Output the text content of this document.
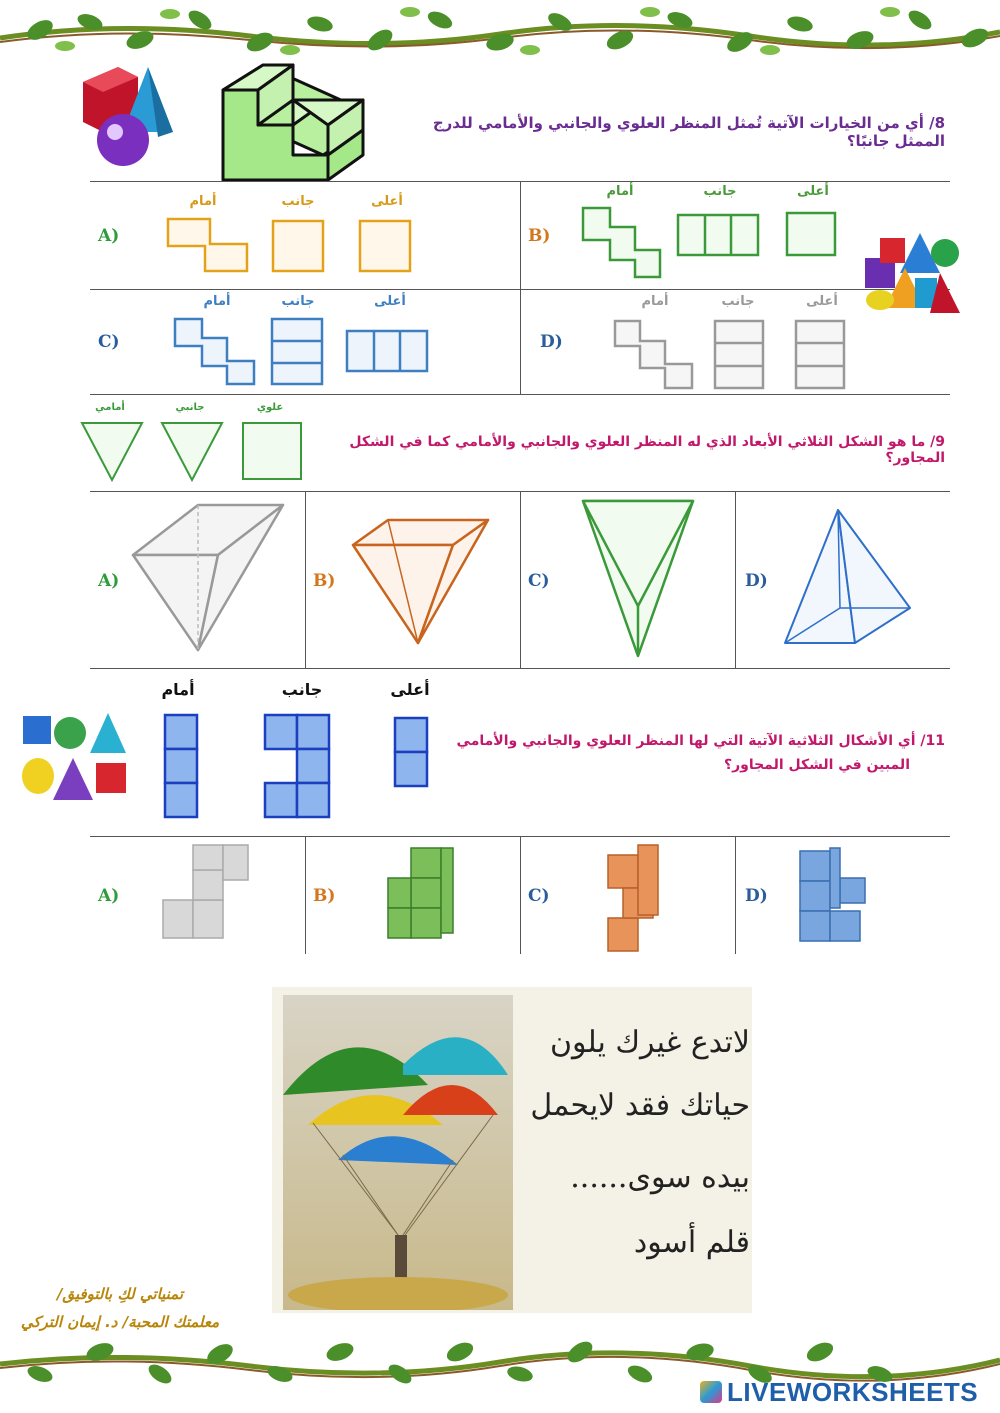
8/ أي من الخيارات الآتية تُمثل المنظر العلوي والجانبي والأمامي للدرج الممثل جانبًا؟
A)
أمام	جانب	أعلى
B)
أمام	جانب	أعلى
C)
أمام	جانب	أعلى
D)
أمام	جانب	أعلى
أمامي	جانبي	علوي
9/ ما هو الشكل الثلاثي الأبعاد الذي له المنظر العلوي والجانبي والأمامي كما في الشكل المجاور؟
A)	B)	C)	D)
أمام	جانب	أعلى
11/ أي الأشكال الثلاثية الآتية التي لها المنظر العلوي والجانبي والأمامي
المبين في الشكل المجاور؟
A)	B)	C)	D)
لاتدع غيرك يلون
حياتك فقد لايحمل
بيده سوى......
قلم أسود
تمنياتي لكِ بالتوفيق/
معلمتك المحبة/ د. إيمان التركي
LIVEWORKSHEETS
